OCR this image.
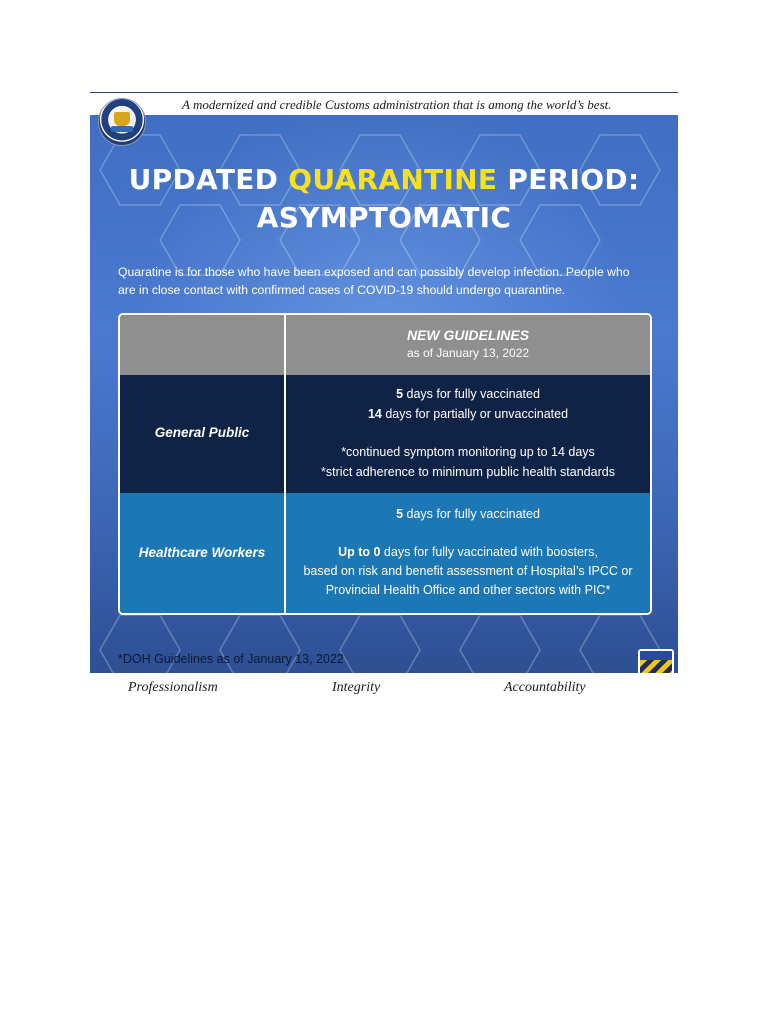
A modernized and credible Customs administration that is among the world’s best.
UPDATED QUARANTINE PERIOD:
ASYMPTOMATIC
Quaratine is for those who have been exposed and can possibly develop infection. People who
are in close contact with confirmed cases of COVID-19 should undergo quarantine.
NEW GUIDELINES
as of January 13, 2022
General Public
5 days for fully vaccinated
14 days for partially or unvaccinated
*continued symptom monitoring up to 14 days
*strict adherence to minimum public health standards
Healthcare Workers
5 days for fully vaccinated
Up to 0 days for fully vaccinated with boosters,
based on risk and benefit assessment of Hospital’s IPCC or
Provincial Health Office and other sectors with PIC*
*DOH Guidelines as of January 13, 2022
Professionalism	Integrity	Accountability
